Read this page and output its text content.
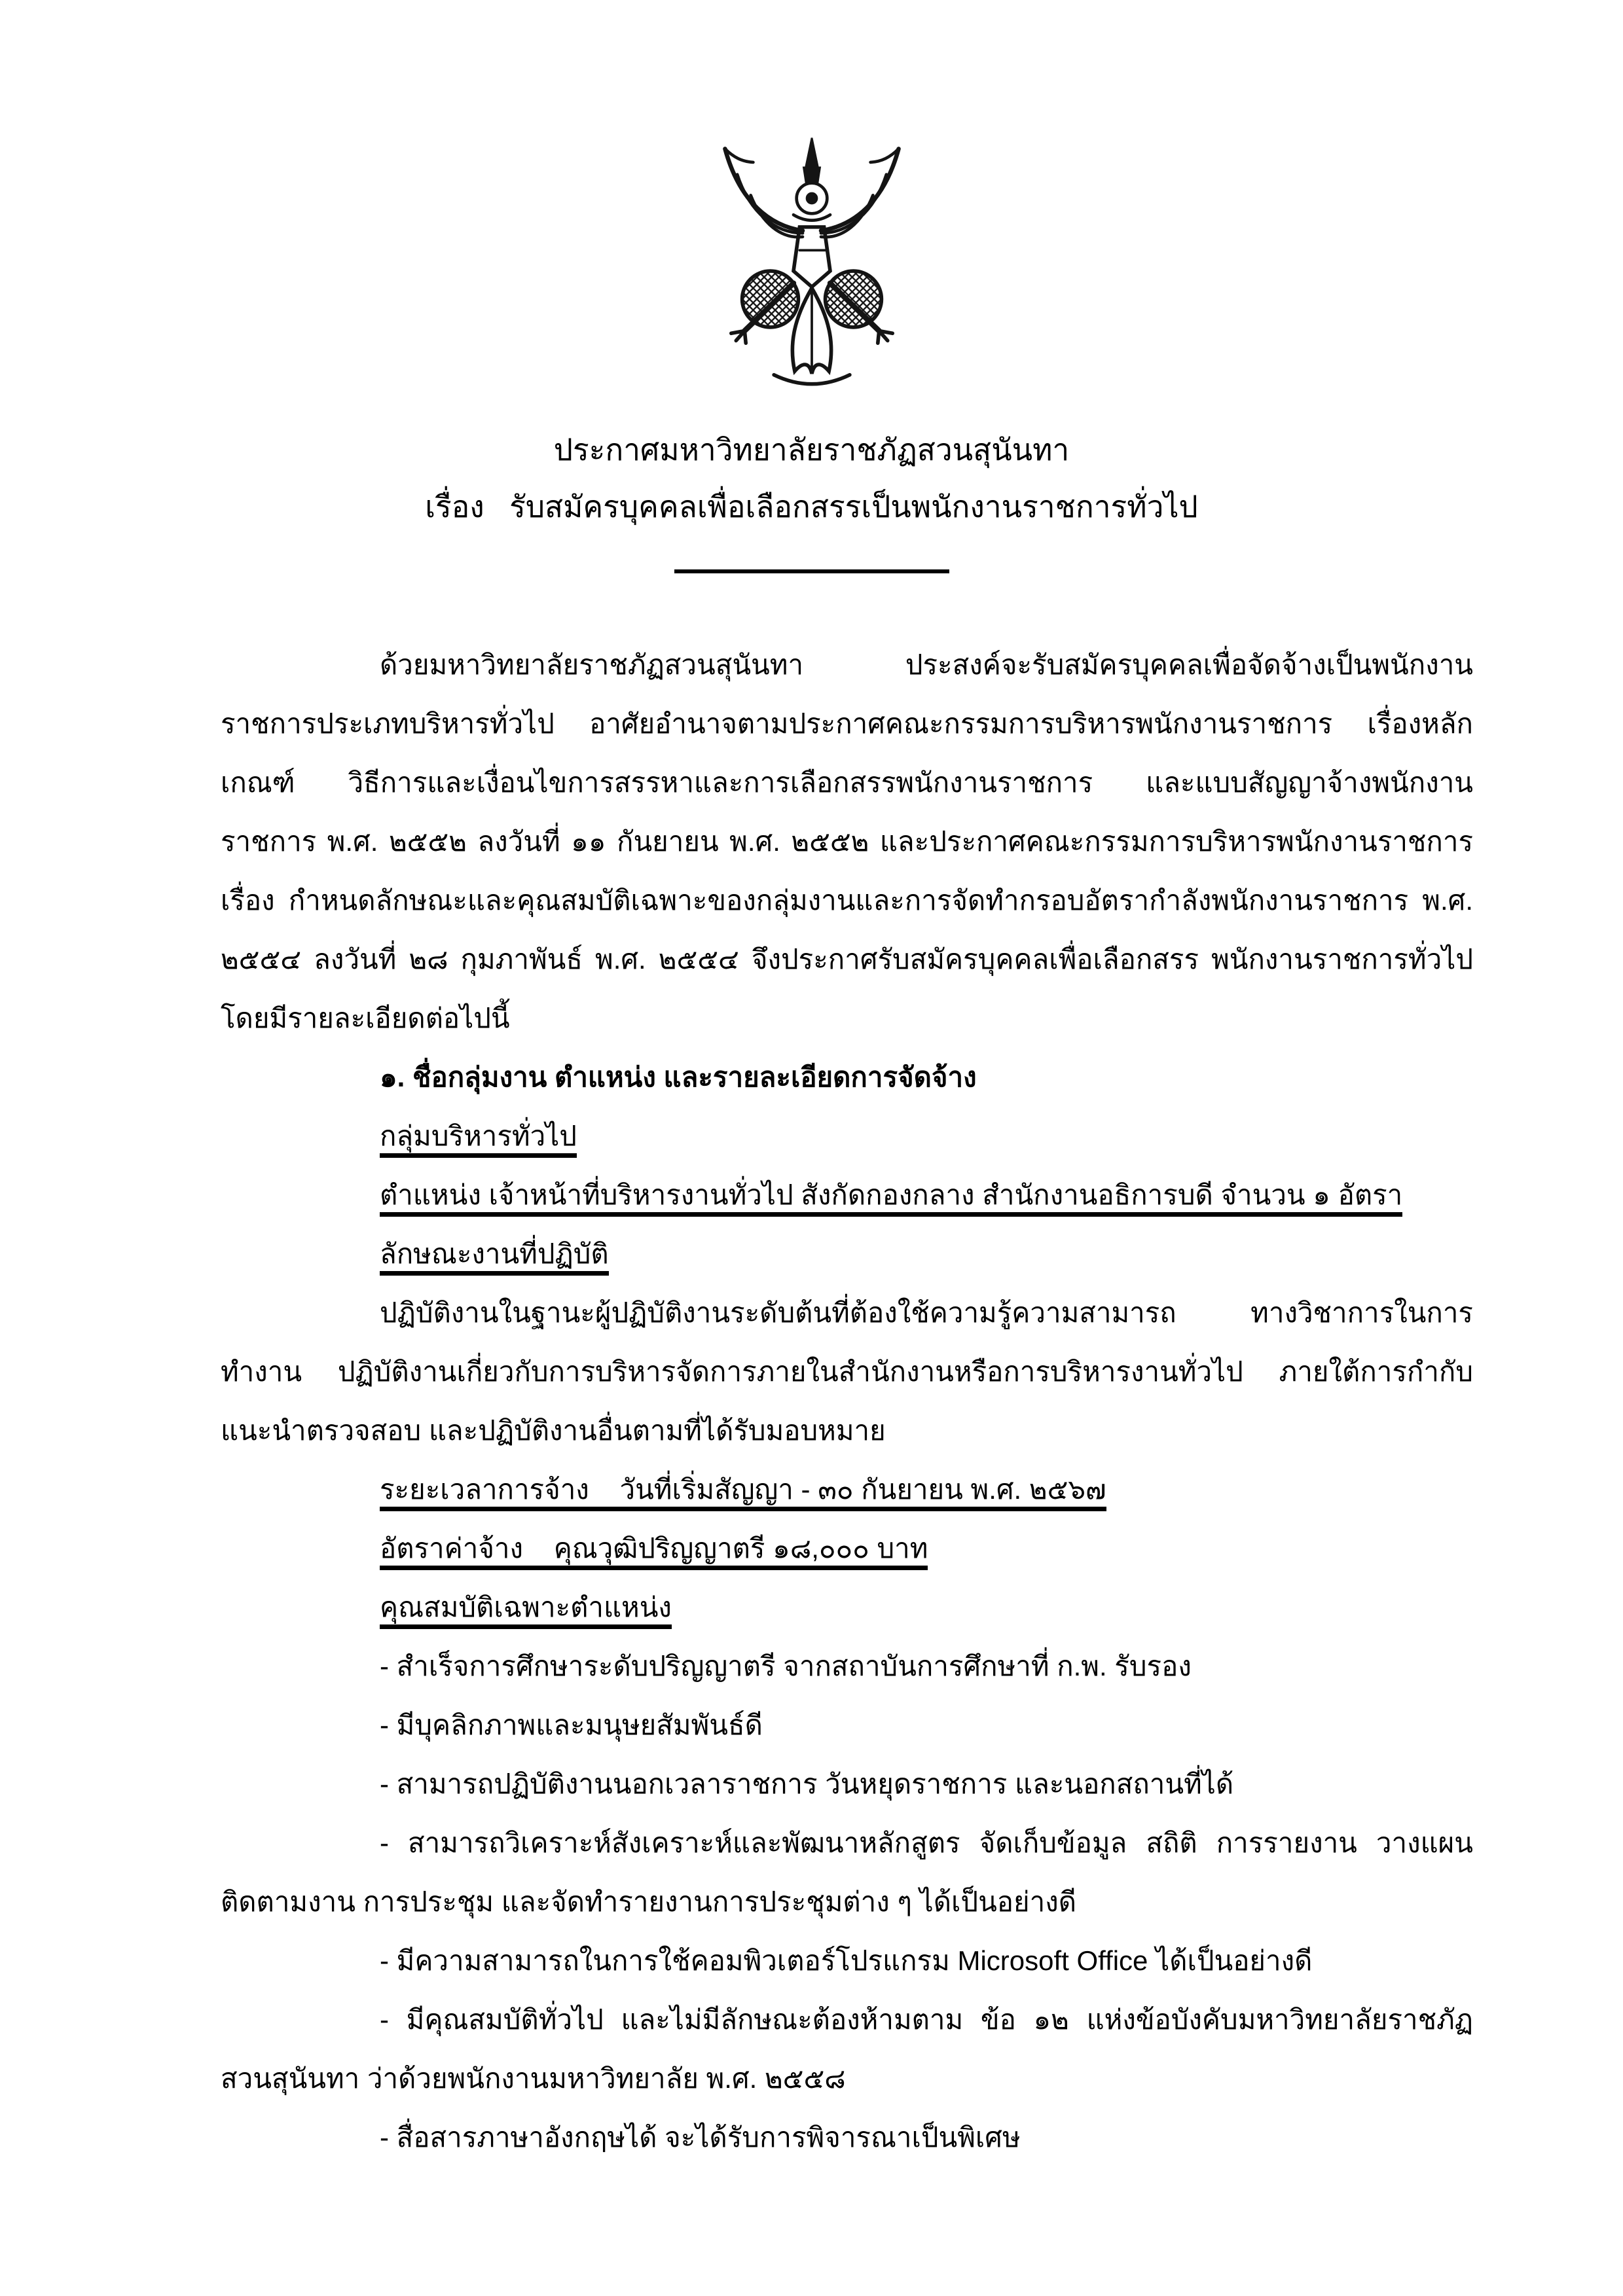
ประกาศมหาวิทยาลัยราชภัฏสวนสุนันทา
เรื่อง   รับสมัครบุคคลเพื่อเลือกสรรเป็นพนักงานราชการทั่วไป

ด้วยมหาวิทยาลัยราชภัฏสวนสุนันทา   ประสงค์จะรับสมัครบุคคลเพื่อจัดจ้างเป็นพนักงานราชการประเภทบริหารทั่วไป อาศัยอำนาจตามประกาศคณะกรรมการบริหารพนักงานราชการ เรื่องหลักเกณฑ์ วิธีการและเงื่อนไขการสรรหาและการเลือกสรรพนักงานราชการ และแบบสัญญาจ้างพนักงานราชการ พ.ศ. ๒๕๕๒ ลงวันที่ ๑๑ กันยายน พ.ศ. ๒๕๕๒ และประกาศคณะกรรมการบริหารพนักงานราชการ เรื่อง กำหนดลักษณะและคุณสมบัติเฉพาะของกลุ่มงานและการจัดทำกรอบอัตรากำลังพนักงานราชการ พ.ศ. ๒๕๕๔ ลงวันที่ ๒๘ กุมภาพันธ์ พ.ศ. ๒๕๕๔ จึงประกาศรับสมัครบุคคลเพื่อเลือกสรร พนักงานราชการทั่วไป โดยมีรายละเอียดต่อไปนี้

๑. ชื่อกลุ่มงาน ตำแหน่ง และรายละเอียดการจัดจ้าง
กลุ่มบริหารทั่วไป
ตำแหน่ง เจ้าหน้าที่บริหารงานทั่วไป สังกัดกองกลาง สำนักงานอธิการบดี จำนวน ๑ อัตรา
ลักษณะงานที่ปฏิบัติ

ปฏิบัติงานในฐานะผู้ปฏิบัติงานระดับต้นที่ต้องใช้ความรู้ความสามารถ   ทางวิชาการในการทำงาน ปฏิบัติงานเกี่ยวกับการบริหารจัดการภายในสำนักงานหรือการบริหารงานทั่วไป ภายใต้การกำกับ แนะนำตรวจสอบ และปฏิบัติงานอื่นตามที่ได้รับมอบหมาย

ระยะเวลาการจ้าง    วันที่เริ่มสัญญา - ๓๐ กันยายน พ.ศ. ๒๕๖๗
อัตราค่าจ้าง    คุณวุฒิปริญญาตรี ๑๘,๐๐๐ บาท
คุณสมบัติเฉพาะตำแหน่ง

- สำเร็จการศึกษาระดับปริญญาตรี จากสถาบันการศึกษาที่ ก.พ. รับรอง

- มีบุคลิกภาพและมนุษยสัมพันธ์ดี

- สามารถปฏิบัติงานนอกเวลาราชการ วันหยุดราชการ และนอกสถานที่ได้

- สามารถวิเคราะห์สังเคราะห์และพัฒนาหลักสูตร จัดเก็บข้อมูล สถิติ การรายงาน วางแผนติดตามงาน การประชุม และจัดทำรายงานการประชุมต่าง ๆ ได้เป็นอย่างดี

- มีความสามารถในการใช้คอมพิวเตอร์โปรแกรม Microsoft Office ได้เป็นอย่างดี

- มีคุณสมบัติทั่วไป และไม่มีลักษณะต้องห้ามตาม ข้อ ๑๒ แห่งข้อบังคับมหาวิทยาลัยราชภัฏสวนสุนันทา ว่าด้วยพนักงานมหาวิทยาลัย พ.ศ. ๒๕๕๘

- สื่อสารภาษาอังกฤษได้ จะได้รับการพิจารณาเป็นพิเศษ
